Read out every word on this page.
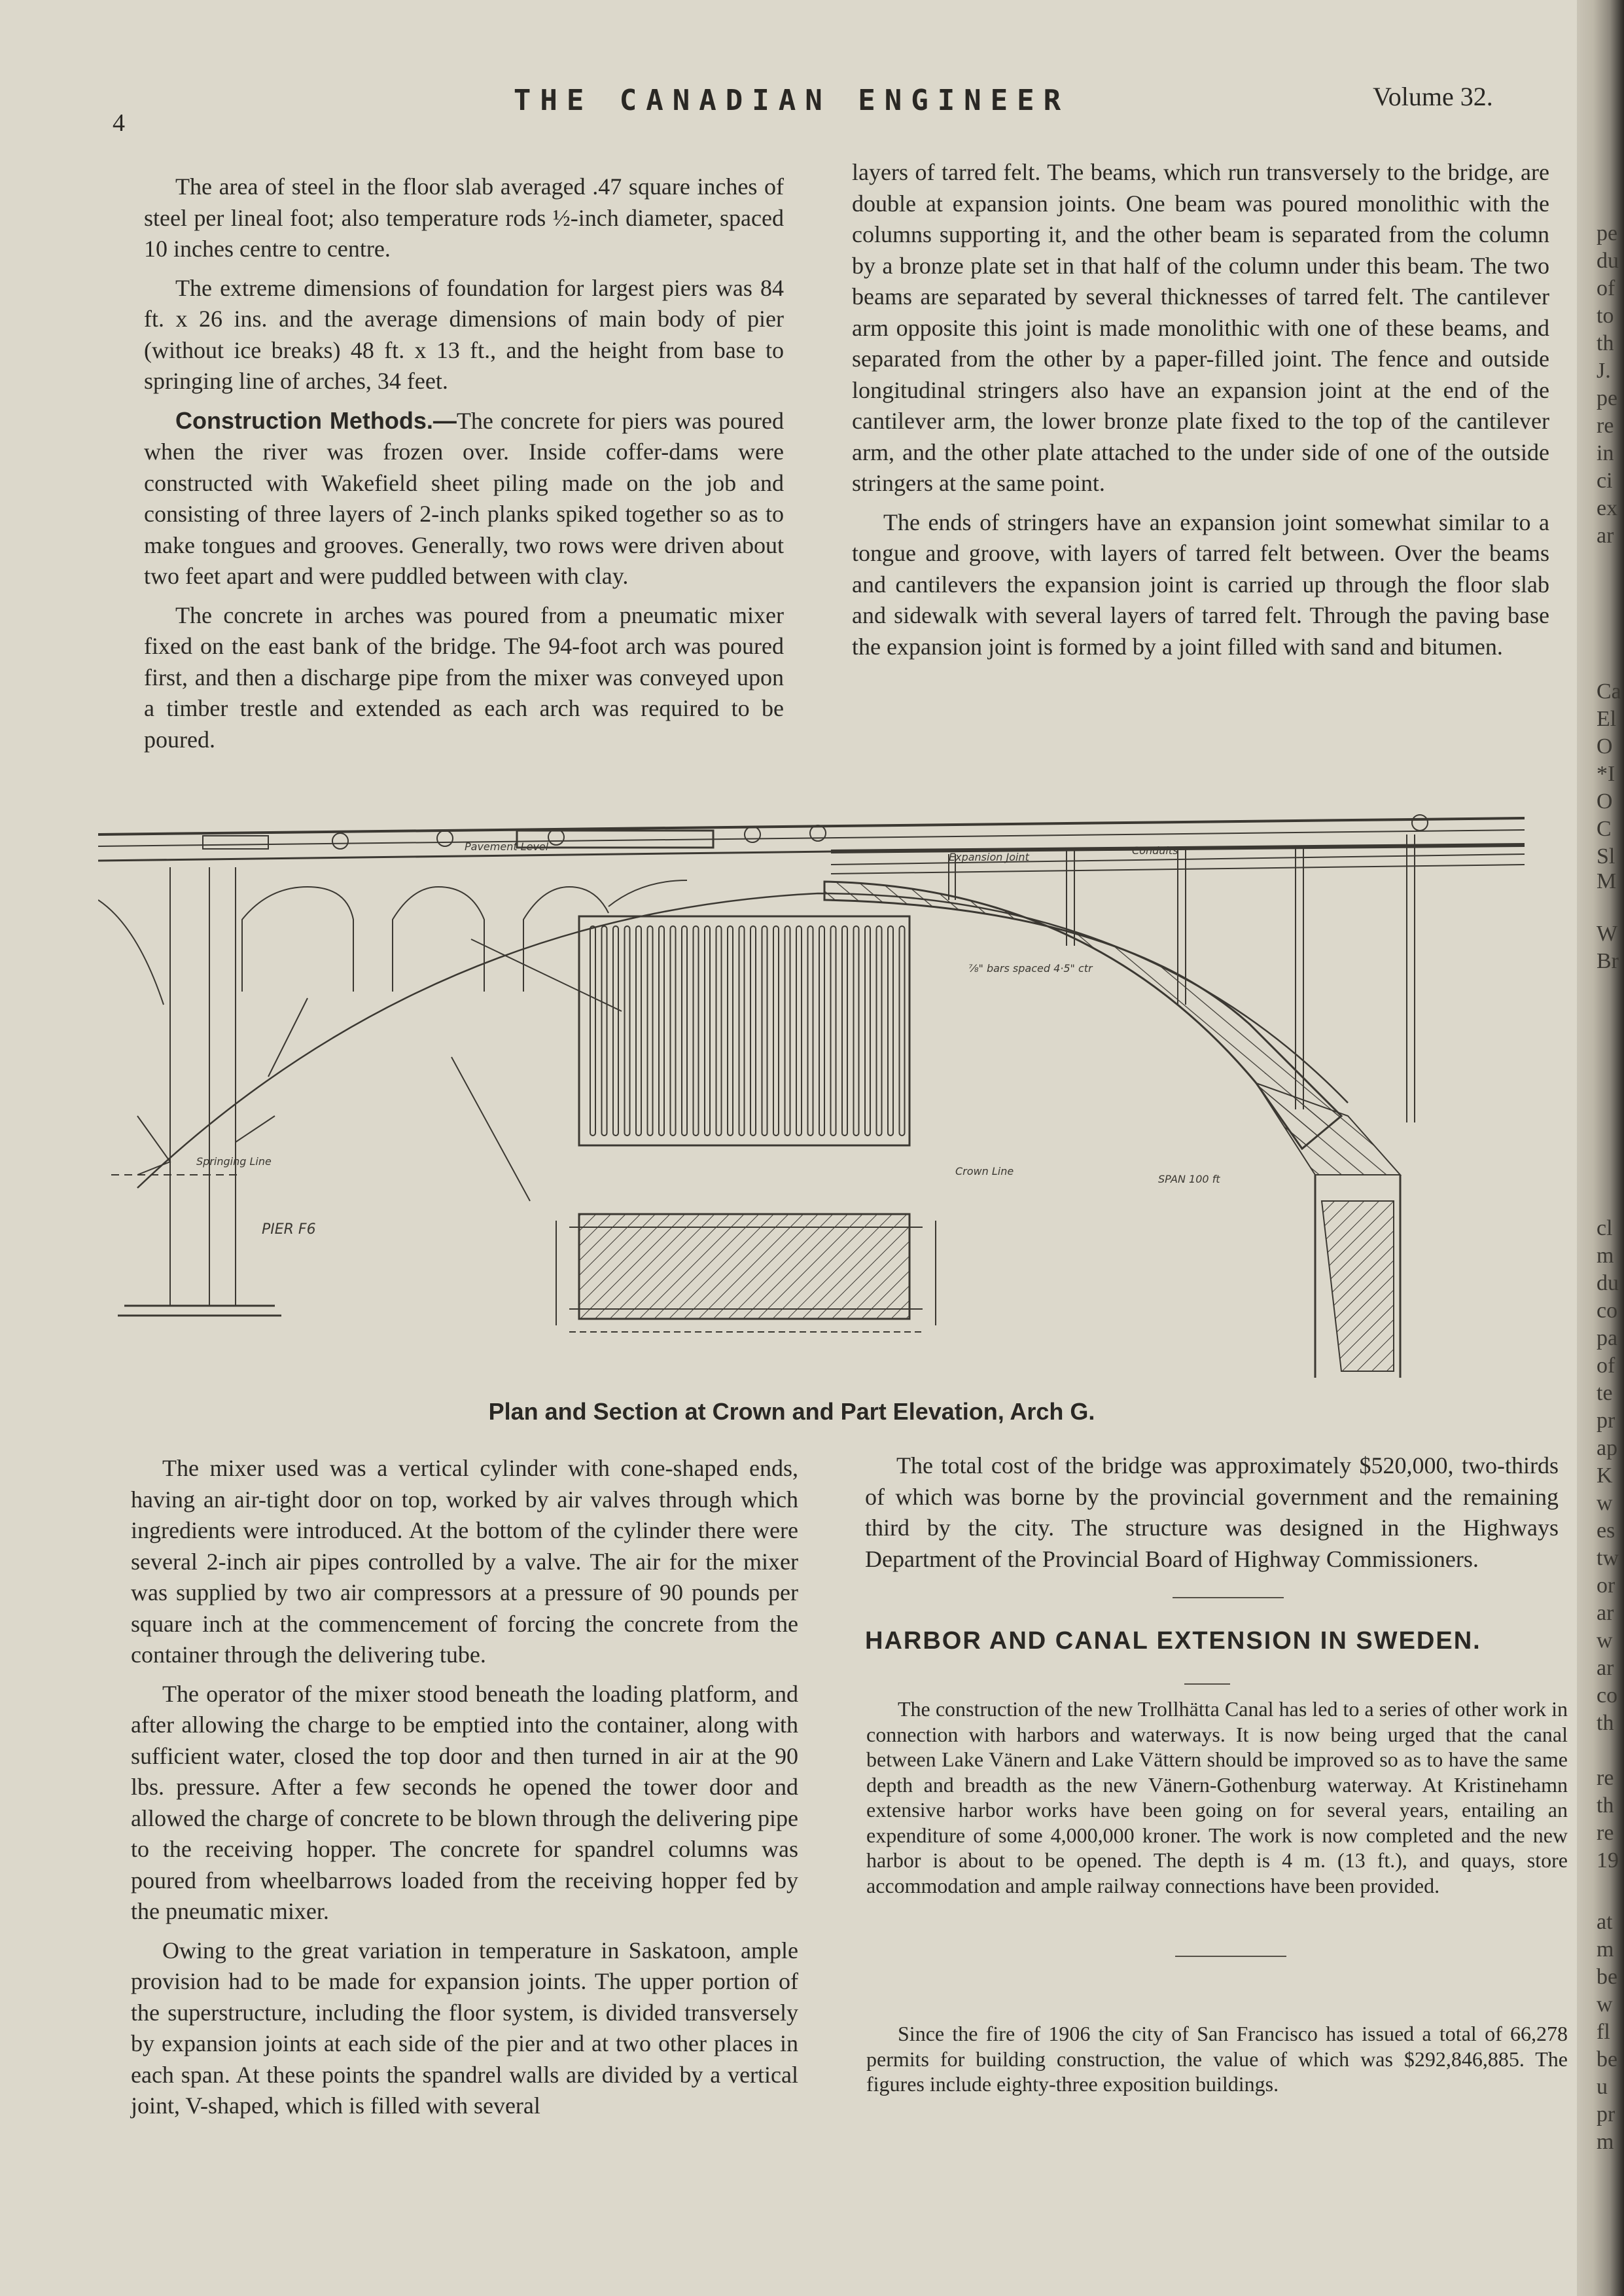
4
THE CANADIAN ENGINEER	Volume 32.

The area of steel in the floor slab averaged .47 square inches of steel per lineal foot; also temperature rods ½-inch diameter, spaced 10 inches centre to centre.

The extreme dimensions of foundation for largest piers was 84 ft. x 26 ins. and the average dimensions of main body of pier (without ice breaks) 48 ft. x 13 ft., and the height from base to springing line of arches, 34 feet.

Construction Methods.—The concrete for piers was poured when the river was frozen over. Inside coffer-dams were constructed with Wakefield sheet piling made on the job and consisting of three layers of 2-inch planks spiked together so as to make tongues and grooves. Generally, two rows were driven about two feet apart and were puddled between with clay.

The concrete in arches was poured from a pneumatic mixer fixed on the east bank of the bridge. The 94-foot arch was poured first, and then a discharge pipe from the mixer was conveyed upon a timber trestle and extended as each arch was required to be poured.

layers of tarred felt. The beams, which run transversely to the bridge, are double at expansion joints. One beam was poured monolithic with the columns supporting it, and the other beam is separated from the column by a bronze plate set in that half of the column under this beam. The two beams are separated by several thicknesses of tarred felt. The cantilever arm opposite this joint is made monolithic with one of these beams, and separated from the other by a paper-filled joint. The fence and outside longitudinal stringers also have an expansion joint at the end of the cantilever arm, the lower bronze plate fixed to the top of the cantilever arm, and the other plate attached to the under side of one of the outside stringers at the same point.

The ends of stringers have an expansion joint somewhat similar to a tongue and groove, with layers of tarred felt between. Over the beams and cantilevers the expansion joint is carried up through the floor slab and sidewalk with several layers of tarred felt. Through the paving base the expansion joint is formed by a joint filled with sand and bitumen.

PIER F6
SPAN 100 ft
Expansion Joint
Conduits
Pavement Level
Crown Line
Springing Line
⅞" bars spaced 4·5" ctr
Plan and Section at Crown and Part Elevation, Arch G.

The mixer used was a vertical cylinder with cone-shaped ends, having an air-tight door on top, worked by air valves through which ingredients were introduced. At the bottom of the cylinder there were several 2-inch air pipes controlled by a valve. The air for the mixer was supplied by two air compressors at a pressure of 90 pounds per square inch at the commencement of forcing the concrete from the container through the delivering tube.

The operator of the mixer stood beneath the loading platform, and after allowing the charge to be emptied into the container, along with sufficient water, closed the top door and then turned in air at the 90 lbs. pressure. After a few seconds he opened the tower door and allowed the charge of concrete to be blown through the delivering pipe to the receiving hopper. The concrete for spandrel columns was poured from wheelbarrows loaded from the receiving hopper fed by the pneumatic mixer.

Owing to the great variation in temperature in Saskatoon, ample provision had to be made for expansion joints. The upper portion of the superstructure, including the floor system, is divided transversely by expansion joints at each side of the pier and at two other places in each span. At these points the spandrel walls are divided by a vertical joint, V-shaped, which is filled with several

The total cost of the bridge was approximately $520,000, two-thirds of which was borne by the provincial government and the remaining third by the city. The structure was designed in the Highways Department of the Provincial Board of Highway Commissioners.

HARBOR AND CANAL EXTENSION IN SWEDEN.

The construction of the new Trollhätta Canal has led to a series of other work in connection with harbors and waterways. It is now being urged that the canal between Lake Vänern and Lake Vättern should be improved so as to have the same depth and breadth as the new Vänern-Gothenburg waterway. At Kristinehamn extensive harbor works have been going on for several years, entailing an expenditure of some 4,000,000 kroner. The work is now completed and the new harbor is about to be opened. The depth is 4 m. (13 ft.), and quays, store accommodation and ample railway connections have been provided.

Since the fire of 1906 the city of San Francisco has issued a total of 66,278 permits for building construction, the value of which was $292,846,885. The figures include eighty-three exposition buildings.

pe
du
of
to
th
J.
pe
re
in
ci
ex
ar
Ca
El
O
*I
O
C
Sl
M
W
Br
cl
m
du
co
pa
of
te
pr
ap
K
w
es
tw
or
ar
w
ar
co
th
re
th
re
19
at
m
be
w
fl
be
u
pr
m
